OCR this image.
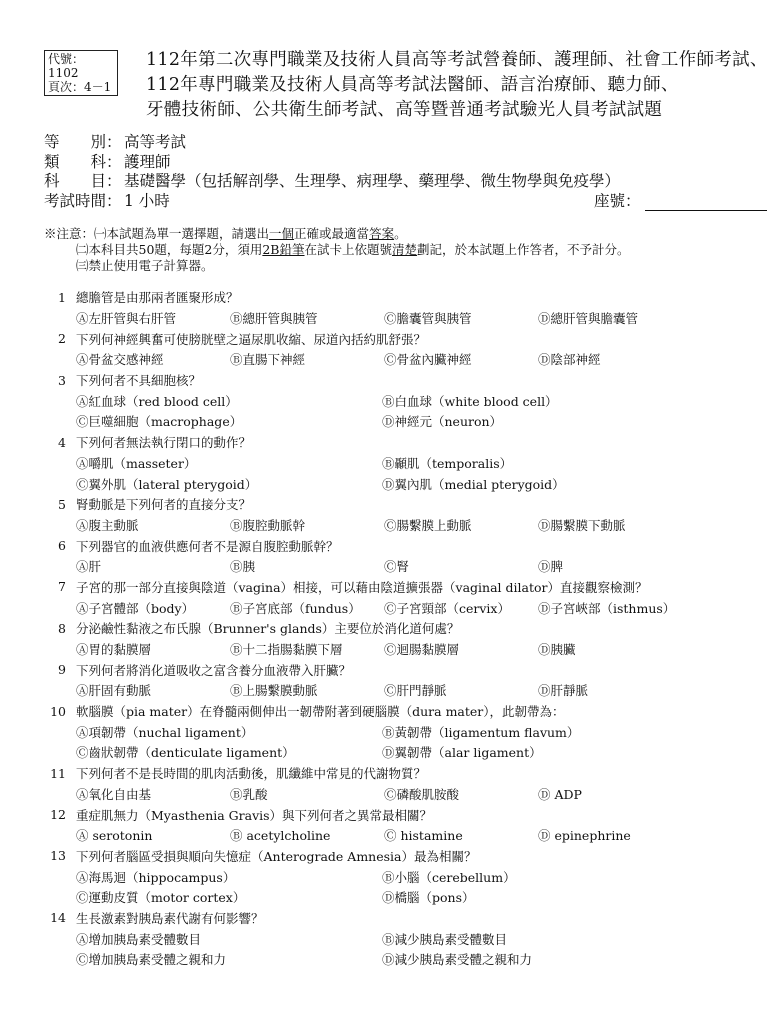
代號：1102
頁次：4－1
112年第二次專門職業及技術人員高等考試營養師、護理師、社會工作師考試、
112年專門職業及技術人員高等考試法醫師、語言治療師、聽力師、
牙體技術師、公共衛生師考試、高等暨普通考試驗光人員考試試題
等　　別： 高等考試
類　　科： 護理師
科　　目： 基礎醫學（包括解剖學、生理學、病理學、藥理學、微生物學與免疫學）
考試時間： 1 小時	座號：
※注意：㈠本試題為單一選擇題，請選出一個正確或最適當答案。
㈡本科目共50題，每題2分，須用2B鉛筆在試卡上依題號清楚劃記，於本試題上作答者，不予計分。
㈢禁止使用電子計算器。
1 總膽管是由那兩者匯聚形成？
Ⓐ左肝管與右肝管	Ⓑ總肝管與胰管	Ⓒ膽囊管與胰管	Ⓓ總肝管與膽囊管
2 下列何神經興奮可使膀胱壁之逼尿肌收縮、尿道內括約肌舒張？
Ⓐ骨盆交感神經	Ⓑ直腸下神經	Ⓒ骨盆內臟神經	Ⓓ陰部神經
3 下列何者不具細胞核？
Ⓐ紅血球（red blood cell）	Ⓑ白血球（white blood cell）
Ⓒ巨噬細胞（macrophage）	Ⓓ神經元（neuron）
4 下列何者無法執行閉口的動作？
Ⓐ嚼肌（masseter）	Ⓑ顳肌（temporalis）
Ⓒ翼外肌（lateral pterygoid）	Ⓓ翼內肌（medial pterygoid）
5 腎動脈是下列何者的直接分支？
Ⓐ腹主動脈	Ⓑ腹腔動脈幹	Ⓒ腸繫膜上動脈	Ⓓ腸繫膜下動脈
6 下列器官的血液供應何者不是源自腹腔動脈幹？
Ⓐ肝	Ⓑ胰	Ⓒ腎	Ⓓ脾
7 子宮的那一部分直接與陰道（vagina）相接，可以藉由陰道擴張器（vaginal dilator）直接觀察檢測？
Ⓐ子宮體部（body）	Ⓑ子宮底部（fundus）	Ⓒ子宮頸部（cervix）	Ⓓ子宮峽部（isthmus）
8 分泌鹼性黏液之布氏腺（Brunner's glands）主要位於消化道何處？
Ⓐ胃的黏膜層	Ⓑ十二指腸黏膜下層	Ⓒ迴腸黏膜層	Ⓓ胰臟
9 下列何者將消化道吸收之富含養分血液帶入肝臟？
Ⓐ肝固有動脈	Ⓑ上腸繫膜動脈	Ⓒ肝門靜脈	Ⓓ肝靜脈
10 軟腦膜（pia mater）在脊髓兩側伸出一韌帶附著到硬腦膜（dura mater），此韌帶為：
Ⓐ項韌帶（nuchal ligament）	Ⓑ黃韌帶（ligamentum flavum）
Ⓒ齒狀韌帶（denticulate ligament）	Ⓓ翼韌帶（alar ligament）
11 下列何者不是長時間的肌肉活動後，肌纖維中常見的代謝物質？
Ⓐ氧化自由基	Ⓑ乳酸	Ⓒ磷酸肌胺酸	Ⓓ ADP
12 重症肌無力（Myasthenia Gravis）與下列何者之異常最相關？
Ⓐ serotonin	Ⓑ acetylcholine	Ⓒ histamine	Ⓓ epinephrine
13 下列何者腦區受損與順向失憶症（Anterograde Amnesia）最為相關？
Ⓐ海馬迴（hippocampus）	Ⓑ小腦（cerebellum）
Ⓒ運動皮質（motor cortex）	Ⓓ橋腦（pons）
14 生長激素對胰島素代謝有何影響？
Ⓐ增加胰島素受體數目	Ⓑ減少胰島素受體數目
Ⓒ增加胰島素受體之親和力	Ⓓ減少胰島素受體之親和力
